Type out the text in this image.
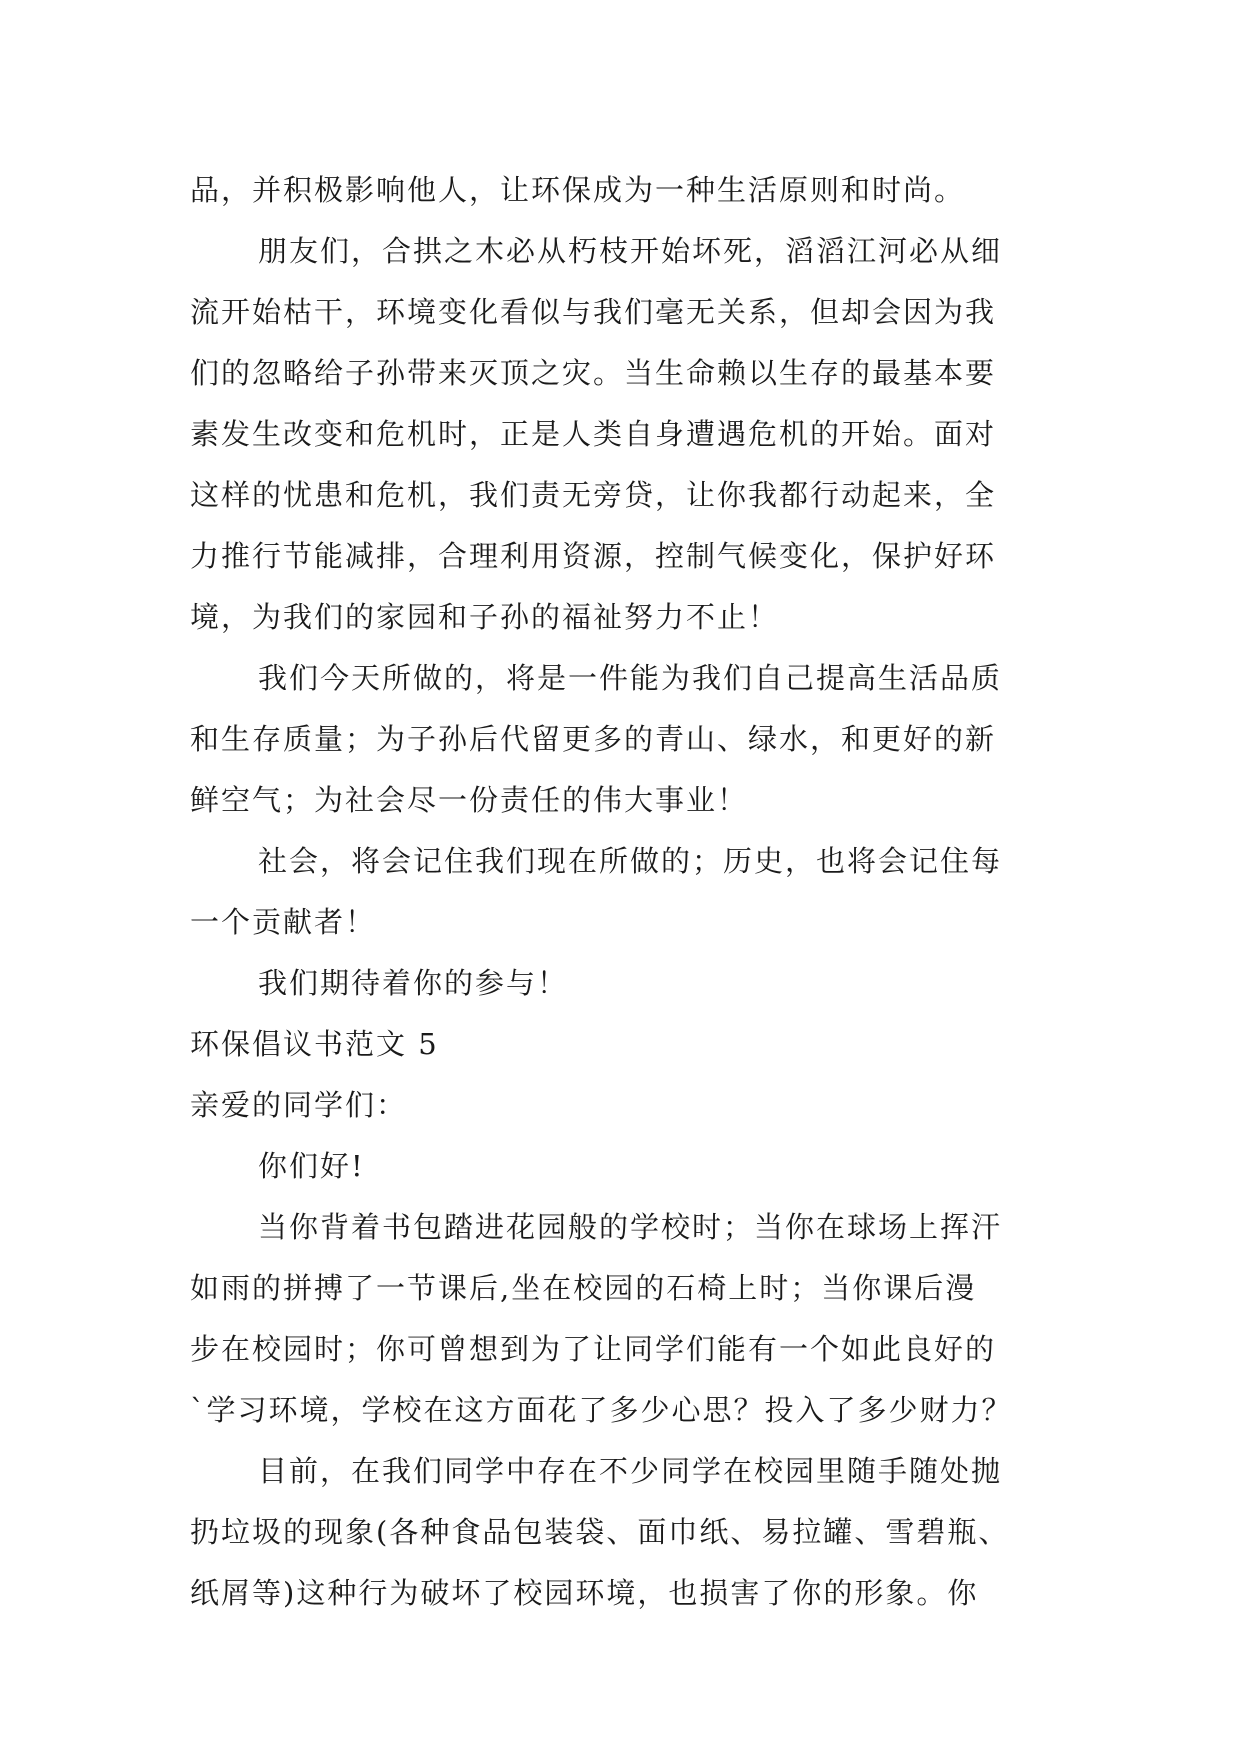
品，并积极影响他人，让环保成为一种生活原则和时尚。
朋友们，合拱之木必从朽枝开始坏死，滔滔江河必从细
流开始枯干，环境变化看似与我们毫无关系，但却会因为我
们的忽略给子孙带来灭顶之灾。当生命赖以生存的最基本要
素发生改变和危机时，正是人类自身遭遇危机的开始。面对
这样的忧患和危机，我们责无旁贷，让你我都行动起来，全
力推行节能减排，合理利用资源，控制气候变化，保护好环
境，为我们的家园和子孙的福祉努力不止！
我们今天所做的，将是一件能为我们自己提高生活品质
和生存质量；为子孙后代留更多的青山、绿水，和更好的新
鲜空气；为社会尽一份责任的伟大事业！
社会，将会记住我们现在所做的；历史，也将会记住每
一个贡献者！
我们期待着你的参与！
环保倡议书范文 5
亲爱的同学们：
你们好!
当你背着书包踏进花园般的学校时；当你在球场上挥汗
如雨的拼搏了一节课后,坐在校园的石椅上时；当你课后漫
步在校园时；你可曾想到为了让同学们能有一个如此良好的
`学习环境，学校在这方面花了多少心思？投入了多少财力？
目前，在我们同学中存在不少同学在校园里随手随处抛
扔垃圾的现象(各种食品包装袋、面巾纸、易拉罐、雪碧瓶、
纸屑等)这种行为破坏了校园环境，也损害了你的形象。你
